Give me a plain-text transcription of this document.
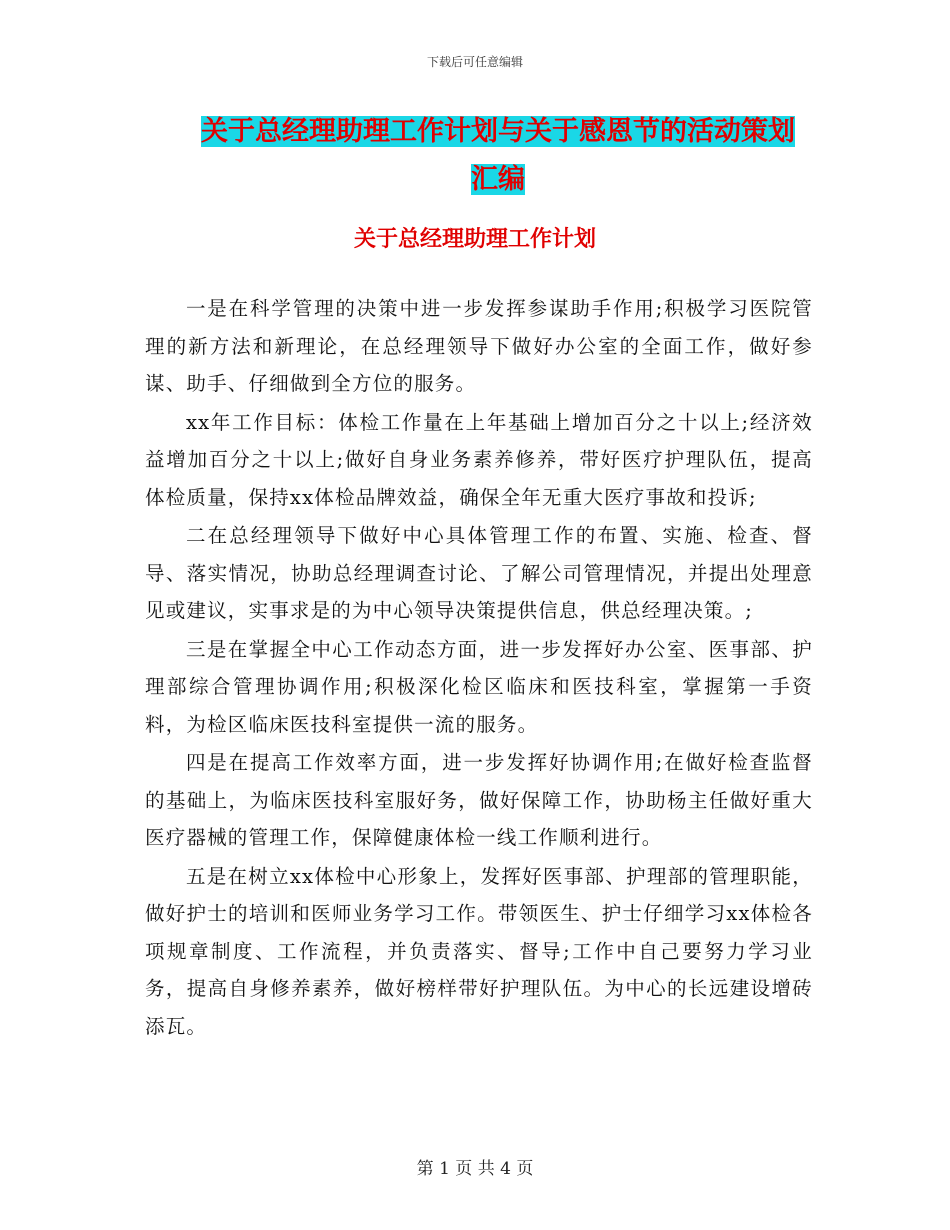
下载后可任意编辑
关于总经理助理工作计划与关于感恩节的活动策划汇编
关于总经理助理工作计划

一是在科学管理的决策中进一步发挥参谋助手作用;积极学习医院管理的新方法和新理论，在总经理领导下做好办公室的全面工作，做好参谋、助手、仔细做到全方位的服务。

xx年工作目标：体检工作量在上年基础上增加百分之十以上;经济效益增加百分之十以上;做好自身业务素养修养，带好医疗护理队伍，提高体检质量，保持xx体检品牌效益，确保全年无重大医疗事故和投诉;

二在总经理领导下做好中心具体管理工作的布置、实施、检查、督导、落实情况，协助总经理调查讨论、了解公司管理情况，并提出处理意见或建议，实事求是的为中心领导决策提供信息，供总经理决策。;

三是在掌握全中心工作动态方面，进一步发挥好办公室、医事部、护理部综合管理协调作用;积极深化检区临床和医技科室，掌握第一手资料，为检区临床医技科室提供一流的服务。

四是在提高工作效率方面，进一步发挥好协调作用;在做好检查监督的基础上，为临床医技科室服好务，做好保障工作，协助杨主任做好重大医疗器械的管理工作，保障健康体检一线工作顺利进行。

五是在树立xx体检中心形象上，发挥好医事部、护理部的管理职能，做好护士的培训和医师业务学习工作。带领医生、护士仔细学习xx体检各项规章制度、工作流程，并负责落实、督导;工作中自己要努力学习业务，提高自身修养素养，做好榜样带好护理队伍。为中心的长远建设增砖添瓦。

第 1 页 共 4 页
